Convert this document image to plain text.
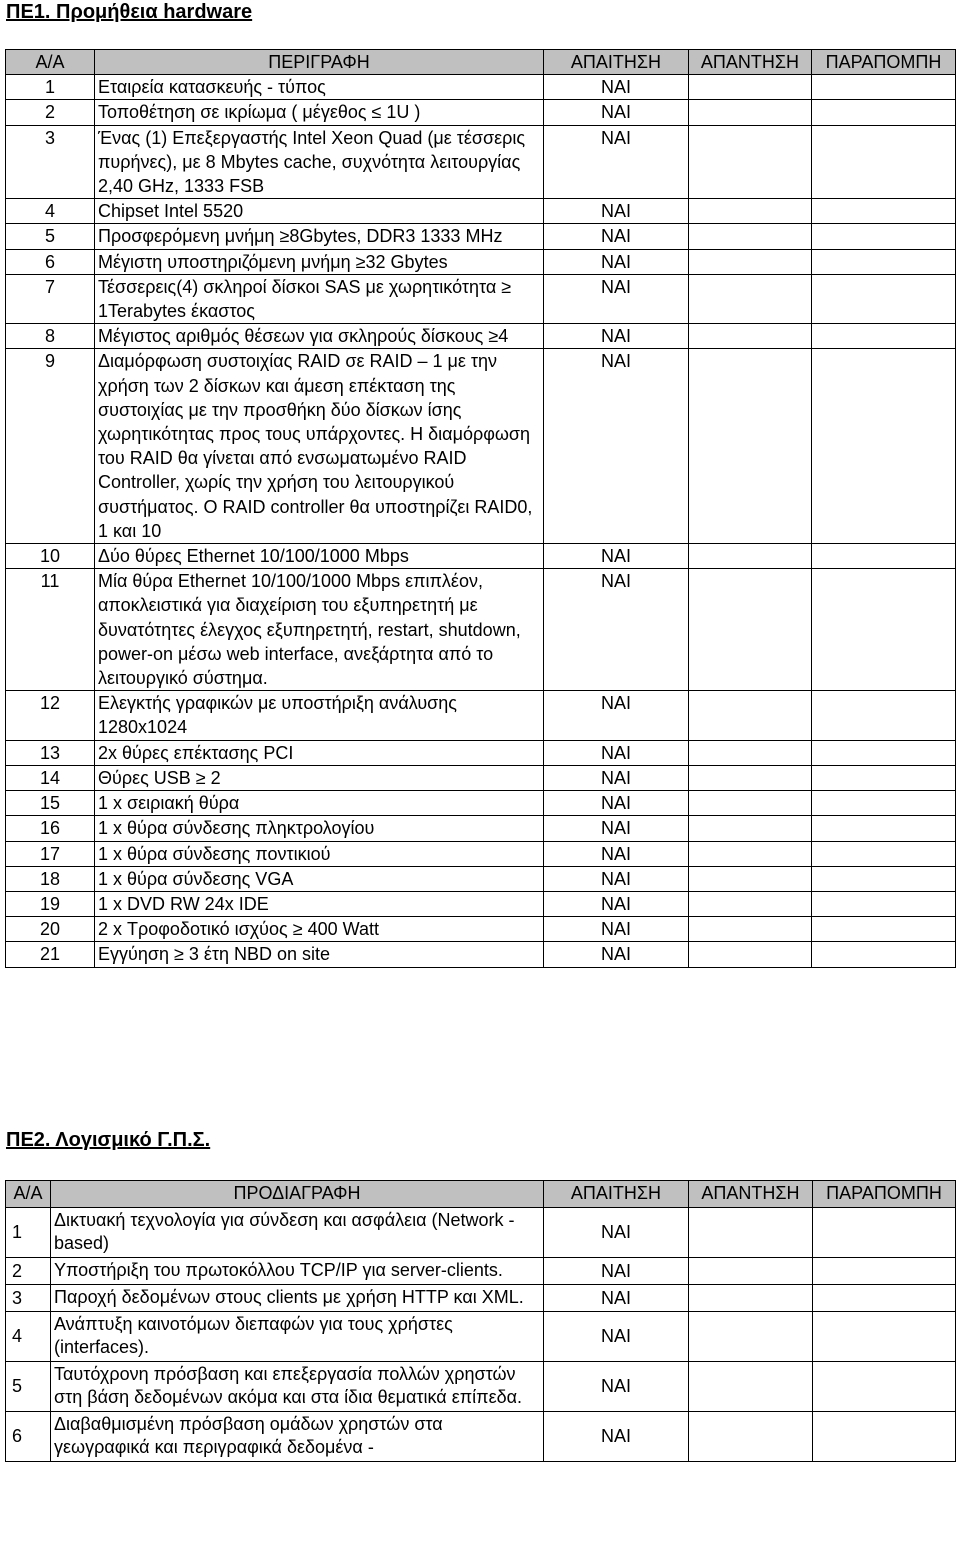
ΠΕ1. Προμήθεια hardware
Α/Α	ΠΕΡΙΓΡΑΦΗ	ΑΠΑΙΤΗΣΗ	ΑΠΑΝΤΗΣΗ	ΠΑΡΑΠΟΜΠΗ
1	Εταιρεία κατασκευής - τύπος	ΝΑΙ		
2	Τοποθέτηση σε ικρίωμα ( μέγεθος ≤ 1U )	ΝΑΙ		
3	Ένας (1) Επεξεργαστής Intel Xeon Quad (με τέσσερις πυρήνες), με 8 Mbytes cache, συχνότητα λειτουργίας 2,40 GHz, 1333 FSB	ΝΑΙ		
4	Chipset Intel 5520	ΝΑΙ		
5	Προσφερόμενη μνήμη ≥8Gbytes, DDR3 1333 MHz	ΝΑΙ		
6	Μέγιστη υποστηριζόμενη μνήμη ≥32 Gbytes	ΝΑΙ		
7	Τέσσερεις(4) σκληροί δίσκοι SAS με χωρητικότητα ≥ 1Terabytes έκαστος	ΝΑΙ		
8	Μέγιστος αριθμός θέσεων για σκληρούς δίσκους ≥4	ΝΑΙ		
9	Διαμόρφωση συστοιχίας RAID σε RAID – 1 με την χρήση των 2 δίσκων και άμεση επέκταση της συστοιχίας με την προσθήκη δύο δίσκων ίσης χωρητικότητας προς τους υπάρχοντες. Η διαμόρφωση του RAID θα γίνεται από ενσωματωμένο RAID Controller, χωρίς την χρήση του λειτουργικού συστήματος. Ο RAID controller θα υποστηρίζει RAID0, 1 και 10	ΝΑΙ		
10	Δύο θύρες Ethernet 10/100/1000 Mbps	ΝΑΙ		
11	Μία θύρα Ethernet 10/100/1000 Mbps επιπλέον, αποκλειστικά για διαχείριση του εξυπηρετητή με δυνατότητες έλεγχος εξυπηρετητή, restart, shutdown, power-on μέσω web interface, ανεξάρτητα από το λειτουργικό σύστημα.	ΝΑΙ		
12	Ελεγκτής γραφικών με υποστήριξη ανάλυσης 1280x1024	ΝΑΙ		
13	2x θύρες επέκτασης PCI	ΝΑΙ		
14	Θύρες USB ≥ 2	ΝΑΙ		
15	1 x σειριακή θύρα	ΝΑΙ		
16	1 x θύρα σύνδεσης πληκτρολογίου	ΝΑΙ		
17	1 x θύρα σύνδεσης ποντικιού	ΝΑΙ		
18	1 x θύρα σύνδεσης VGA	ΝΑΙ		
19	1 x DVD RW 24x IDE	ΝΑΙ		
20	2 x Τροφοδοτικό ισχύος ≥ 400 Watt	ΝΑΙ		
21	Εγγύηση ≥ 3 έτη NBD on site	ΝΑΙ		
ΠΕ2. Λογισμικό Γ.Π.Σ.
Α/Α	ΠΡΟΔΙΑΓΡΑΦΗ	ΑΠΑΙΤΗΣΗ	ΑΠΑΝΤΗΣΗ	ΠΑΡΑΠΟΜΠΗ
1	Δικτυακή τεχνολογία για σύνδεση και ασφάλεια (Network - based)	ΝΑΙ		
2	Υποστήριξη του πρωτοκόλλου TCP/IP για server-clients.	ΝΑΙ		
3	Παροχή δεδομένων στους clients με χρήση HTTP και XML.	ΝΑΙ		
4	Ανάπτυξη καινοτόμων διεπαφών για τους χρήστες (interfaces).	ΝΑΙ		
5	Ταυτόχρονη πρόσβαση και επεξεργασία πολλών χρηστών στη βάση δεδομένων ακόμα και στα ίδια θεματικά επίπεδα.	ΝΑΙ		
6	Διαβαθμισμένη πρόσβαση ομάδων χρηστών στα γεωγραφικά και περιγραφικά δεδομένα -	ΝΑΙ		
